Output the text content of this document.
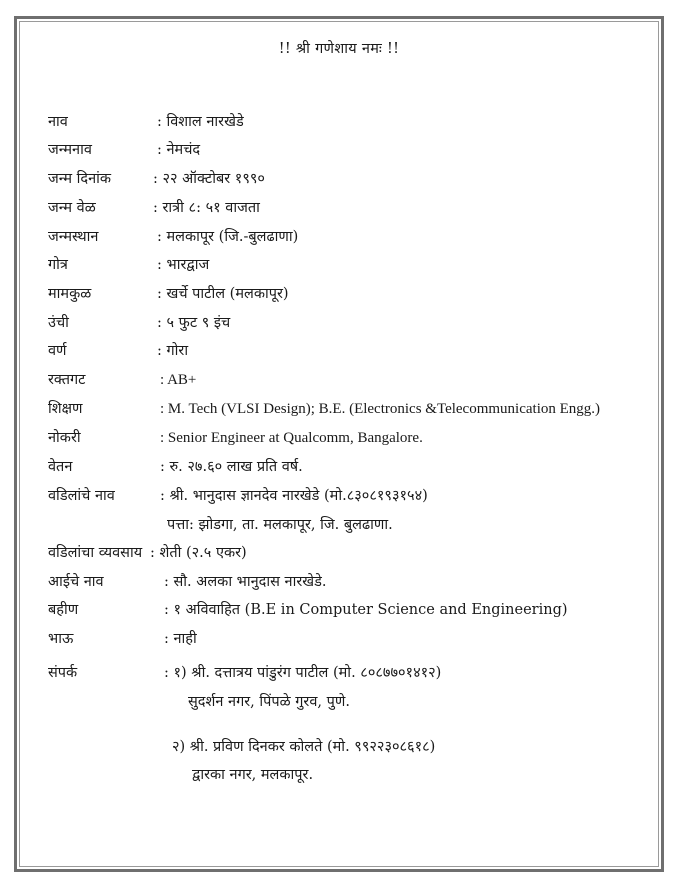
!! श्री गणेशाय नमः !!
नाव	: विशाल नारखेडे
जन्मनाव	: नेमचंद
जन्म दिनांक	: २२ ऑक्टोबर १९९०
जन्म वेळ	: रात्री ८: ५१ वाजता
जन्मस्थान	: मलकापूर (जि.-बुलढाणा)
गोत्र	: भारद्वाज
मामकुळ	: खर्चे पाटील (मलकापूर)
उंची	: ५ फुट ९ इंच
वर्ण	: गोरा
रक्तगट	: AB+
शिक्षण	: M. Tech (VLSI Design); B.E. (Electronics &Telecommunication Engg.)
नोकरी	: Senior Engineer at Qualcomm, Bangalore.
वेतन	: रु. २७.६० लाख प्रति वर्ष.
वडिलांचे नाव	: श्री. भानुदास ज्ञानदेव नारखेडे (मो.८३०८१९३१५४)
पत्ता: झोडगा, ता. मलकापूर, जि. बुलढाणा.
वडिलांचा व्यवसाय : शेती (२.५ एकर)
आईचे नाव	: सौ. अलका भानुदास नारखेडे.
बहीण	: १ अविवाहित (B.E in Computer Science and Engineering)
भाऊ	: नाही
संपर्क	: १) श्री. दत्तात्रय पांडुरंग पाटील (मो. ८०८७७०१४१२)
सुदर्शन नगर, पिंपळे गुरव, पुणे.
२) श्री. प्रविण दिनकर कोलते (मो. ९९२२३०८६१८)
द्वारका नगर, मलकापूर.
